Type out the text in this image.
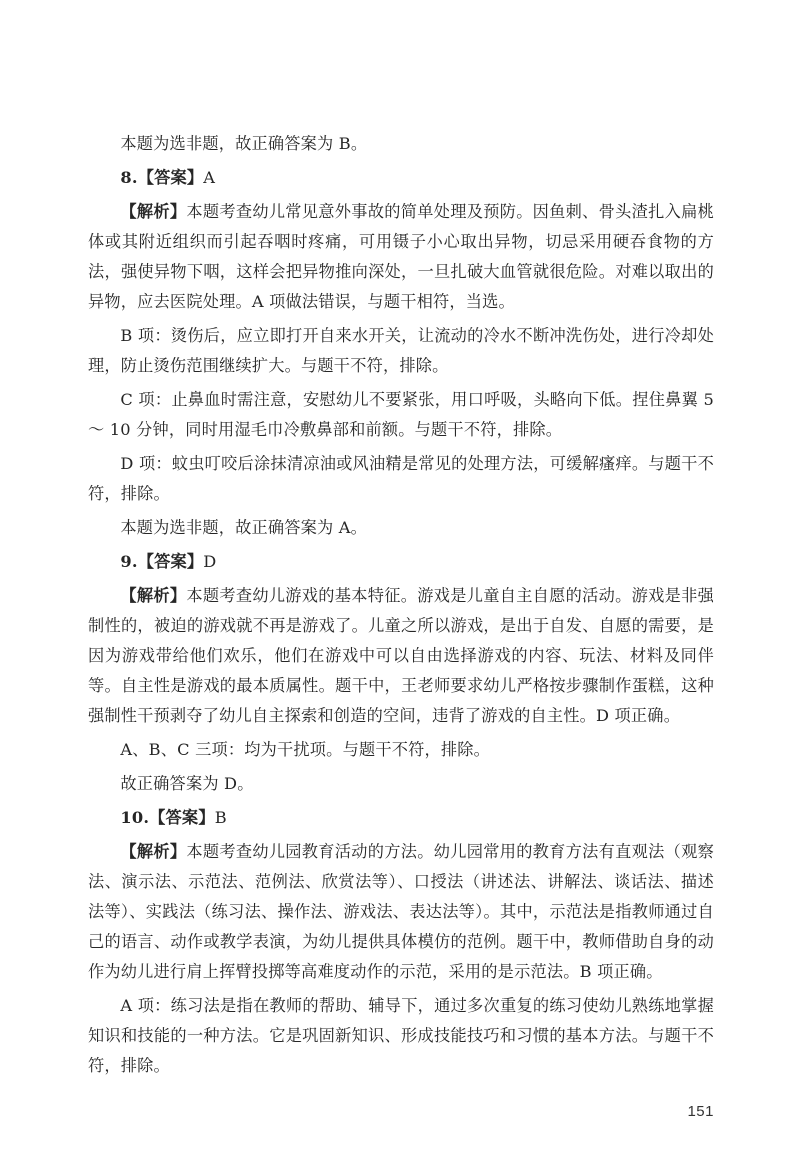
本题为选非题，故正确答案为 B。

8.【答案】A

【解析】本题考查幼儿常见意外事故的简单处理及预防。因鱼刺、骨头渣扎入扁桃体或其附近组织而引起吞咽时疼痛，可用镊子小心取出异物，切忌采用硬吞食物的方法，强使异物下咽，这样会把异物推向深处，一旦扎破大血管就很危险。对难以取出的异物，应去医院处理。A 项做法错误，与题干相符，当选。

B 项：烫伤后，应立即打开自来水开关，让流动的冷水不断冲洗伤处，进行冷却处理，防止烫伤范围继续扩大。与题干不符，排除。

C 项：止鼻血时需注意，安慰幼儿不要紧张，用口呼吸，头略向下低。捏住鼻翼 5 ～ 10 分钟，同时用湿毛巾冷敷鼻部和前额。与题干不符，排除。

D 项：蚊虫叮咬后涂抹清凉油或风油精是常见的处理方法，可缓解瘙痒。与题干不符，排除。

本题为选非题，故正确答案为 A。

9.【答案】D

【解析】本题考查幼儿游戏的基本特征。游戏是儿童自主自愿的活动。游戏是非强制性的，被迫的游戏就不再是游戏了。儿童之所以游戏，是出于自发、自愿的需要，是因为游戏带给他们欢乐，他们在游戏中可以自由选择游戏的内容、玩法、材料及同伴等。自主性是游戏的最本质属性。题干中，王老师要求幼儿严格按步骤制作蛋糕，这种强制性干预剥夺了幼儿自主探索和创造的空间，违背了游戏的自主性。D 项正确。

A、B、C 三项：均为干扰项。与题干不符，排除。

故正确答案为 D。

10.【答案】B

【解析】本题考查幼儿园教育活动的方法。幼儿园常用的教育方法有直观法（观察法、演示法、示范法、范例法、欣赏法等）、口授法（讲述法、讲解法、谈话法、描述法等）、实践法（练习法、操作法、游戏法、表达法等）。其中，示范法是指教师通过自己的语言、动作或教学表演，为幼儿提供具体模仿的范例。题干中，教师借助自身的动作为幼儿进行肩上挥臂投掷等高难度动作的示范，采用的是示范法。B 项正确。

A 项：练习法是指在教师的帮助、辅导下，通过多次重复的练习使幼儿熟练地掌握知识和技能的一种方法。它是巩固新知识、形成技能技巧和习惯的基本方法。与题干不符，排除。

151
